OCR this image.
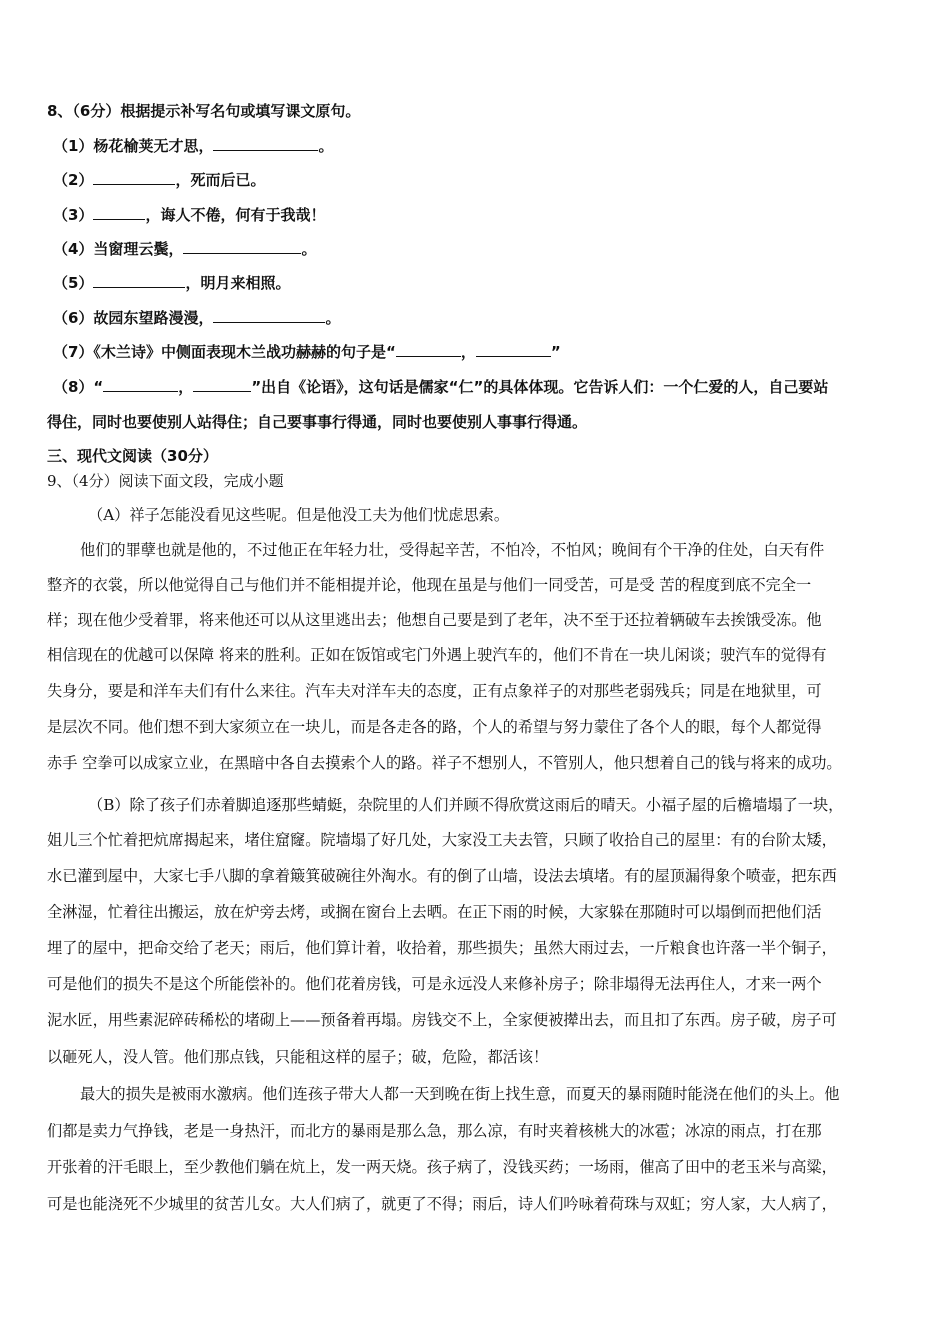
8、（6分）根据提示补写名句或填写课文原句。
（1）杨花榆荚无才思，	。
（2）	，死而后已。
（3）	，诲人不倦，何有于我哉！
（4）当窗理云鬓，	。
（5）	，明月来相照。
（6）故园东望路漫漫，	。
（7）《木兰诗》中侧面表现木兰战功赫赫的句子是“	，	”
（8）“	，	”出自《论语》，这句话是儒家“仁”的具体体现。它告诉人们：一个仁爱的人，自己要站
得住，同时也要使别人站得住；自己要事事行得通，同时也要使别人事事行得通。
三、现代文阅读（30分）
9、（4分）阅读下面文段，完成小题
（A）祥子怎能没看见这些呢。但是他没工夫为他们忧虑思索。
他们的罪孽也就是他的，不过他正在年轻力壮，受得起辛苦，不怕冷，不怕风；晚间有个干净的住处，白天有件
整齐的衣裳，所以他觉得自己与他们并不能相提并论，他现在虽是与他们一同受苦，可是受 苦的程度到底不完全一
样；现在他少受着罪，将来他还可以从这里逃出去；他想自己要是到了老年，决不至于还拉着辆破车去挨饿受冻。他
相信现在的优越可以保障 将来的胜利。正如在饭馆或宅门外遇上驶汽车的，他们不肯在一块儿闲谈；驶汽车的觉得有
失身分，要是和洋车夫们有什么来往。汽车夫对洋车夫的态度，正有点象祥子的对那些老弱残兵；同是在地狱里，可
是层次不同。他们想不到大家须立在一块儿，而是各走各的路，个人的希望与努力蒙住了各个人的眼，每个人都觉得
赤手 空拳可以成家立业，在黑暗中各自去摸索个人的路。祥子不想别人，不管别人，他只想着自己的钱与将来的成功。
（B）除了孩子们赤着脚追逐那些蜻蜓，杂院里的人们并顾不得欣赏这雨后的晴天。小福子屋的后檐墙塌了一块，
姐儿三个忙着把炕席揭起来，堵住窟窿。院墙塌了好几处，大家没工夫去管，只顾了收拾自己的屋里：有的台阶太矮，
水已灌到屋中，大家七手八脚的拿着簸箕破碗往外淘水。有的倒了山墙，设法去填堵。有的屋顶漏得象个喷壶，把东西
全淋湿，忙着往出搬运，放在炉旁去烤，或搁在窗台上去晒。在正下雨的时候，大家躲在那随时可以塌倒而把他们活
埋了的屋中，把命交给了老天；雨后，他们算计着，收拾着，那些损失；虽然大雨过去，一斤粮食也许落一半个铜子，
可是他们的损失不是这个所能偿补的。他们花着房钱，可是永远没人来修补房子；除非塌得无法再住人，才来一两个
泥水匠，用些素泥碎砖稀松的堵砌上——预备着再塌。房钱交不上，全家便被撵出去，而且扣了东西。房子破，房子可
以砸死人，没人管。他们那点钱，只能租这样的屋子；破，危险，都活该！
最大的损失是被雨水激病。他们连孩子带大人都一天到晚在街上找生意，而夏天的暴雨随时能浇在他们的头上。他
们都是卖力气挣钱，老是一身热汗，而北方的暴雨是那么急，那么凉，有时夹着核桃大的冰雹；冰凉的雨点，打在那
开张着的汗毛眼上，至少教他们躺在炕上，发一两天烧。孩子病了，没钱买药；一场雨，催高了田中的老玉米与高粱，
可是也能浇死不少城里的贫苦儿女。大人们病了，就更了不得；雨后，诗人们吟咏着荷珠与双虹；穷人家，大人病了，
